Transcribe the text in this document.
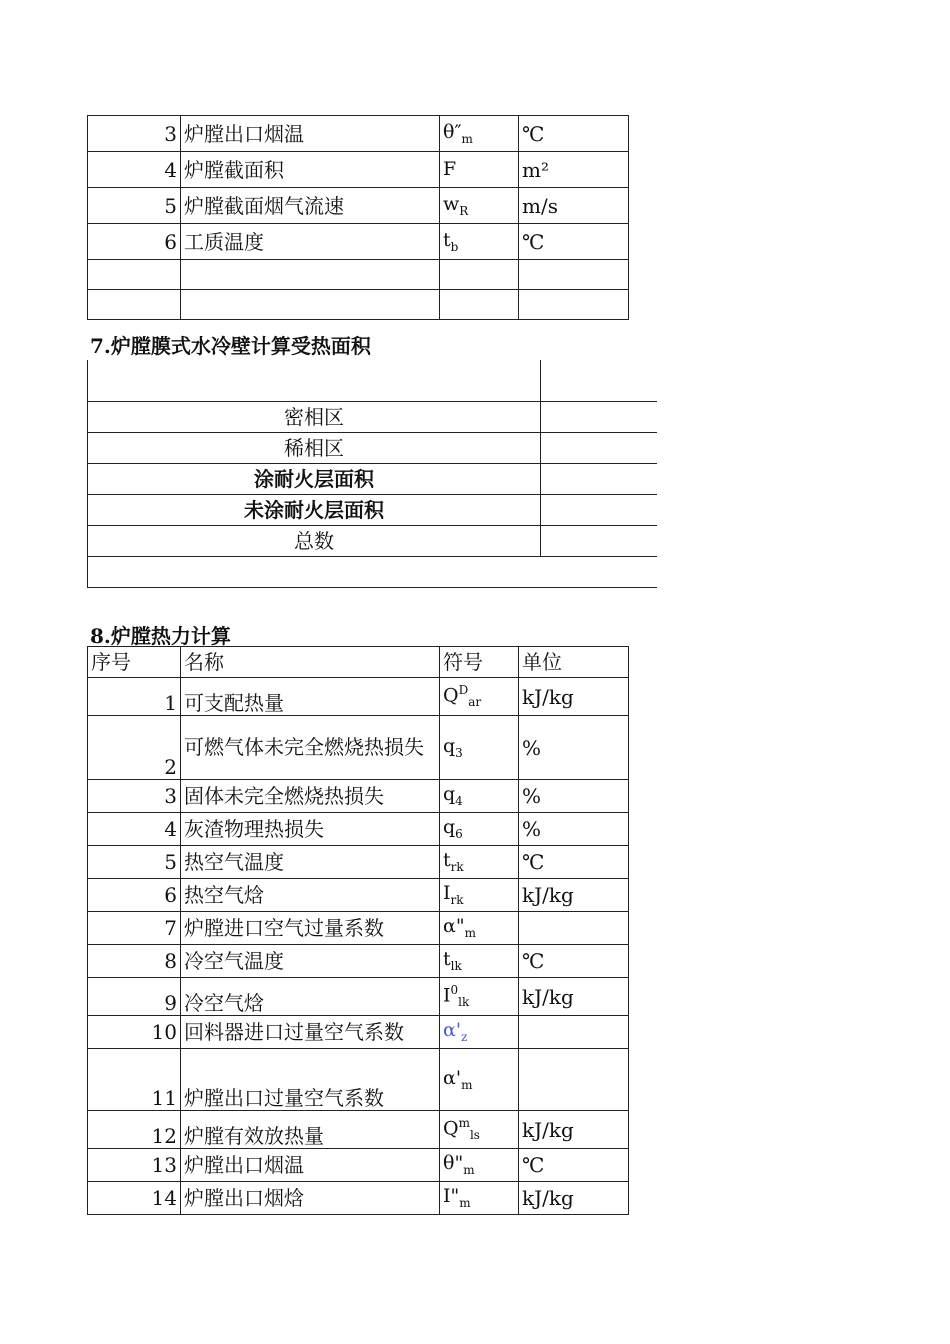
3	炉膛出口烟温	$\theta''_m$	℃
4	炉膛截面积	F	m²
5	炉膛截面烟气流速	$w_R$	m/s
6	工质温度	$t_b$	℃

7.炉膛膜式水冷壁计算受热面积

密相区	
稀相区	
涂耐火层面积	
未涂耐火层面积	
总数	

8.炉膛热力计算
序号	名称	符号	单位
1	可支配热量	$Q^D_{ar}$	kJ/kg
2	可燃气体未完全燃烧热损失	$q_3$	%
3	固体未完全燃烧热损失	$q_4$	%
4	灰渣物理热损失	$q_6$	%
5	热空气温度	$t_{rk}$	℃
6	热空气焓	$I_{rk}$	kJ/kg
7	炉膛进口空气过量系数	$\alpha"_m$	
8	冷空气温度	$t_{lk}$	℃
9	冷空气焓	$I^0_{lk}$	kJ/kg
10	回料器进口过量空气系数	$\alpha'_z$	
11	炉膛出口过量空气系数	$\alpha'_m$	
12	炉膛有效放热量	$Q^m_{ls}$	kJ/kg
13	炉膛出口烟温	$\theta"_m$	℃
14	炉膛出口烟焓	$I"_m$	kJ/kg
